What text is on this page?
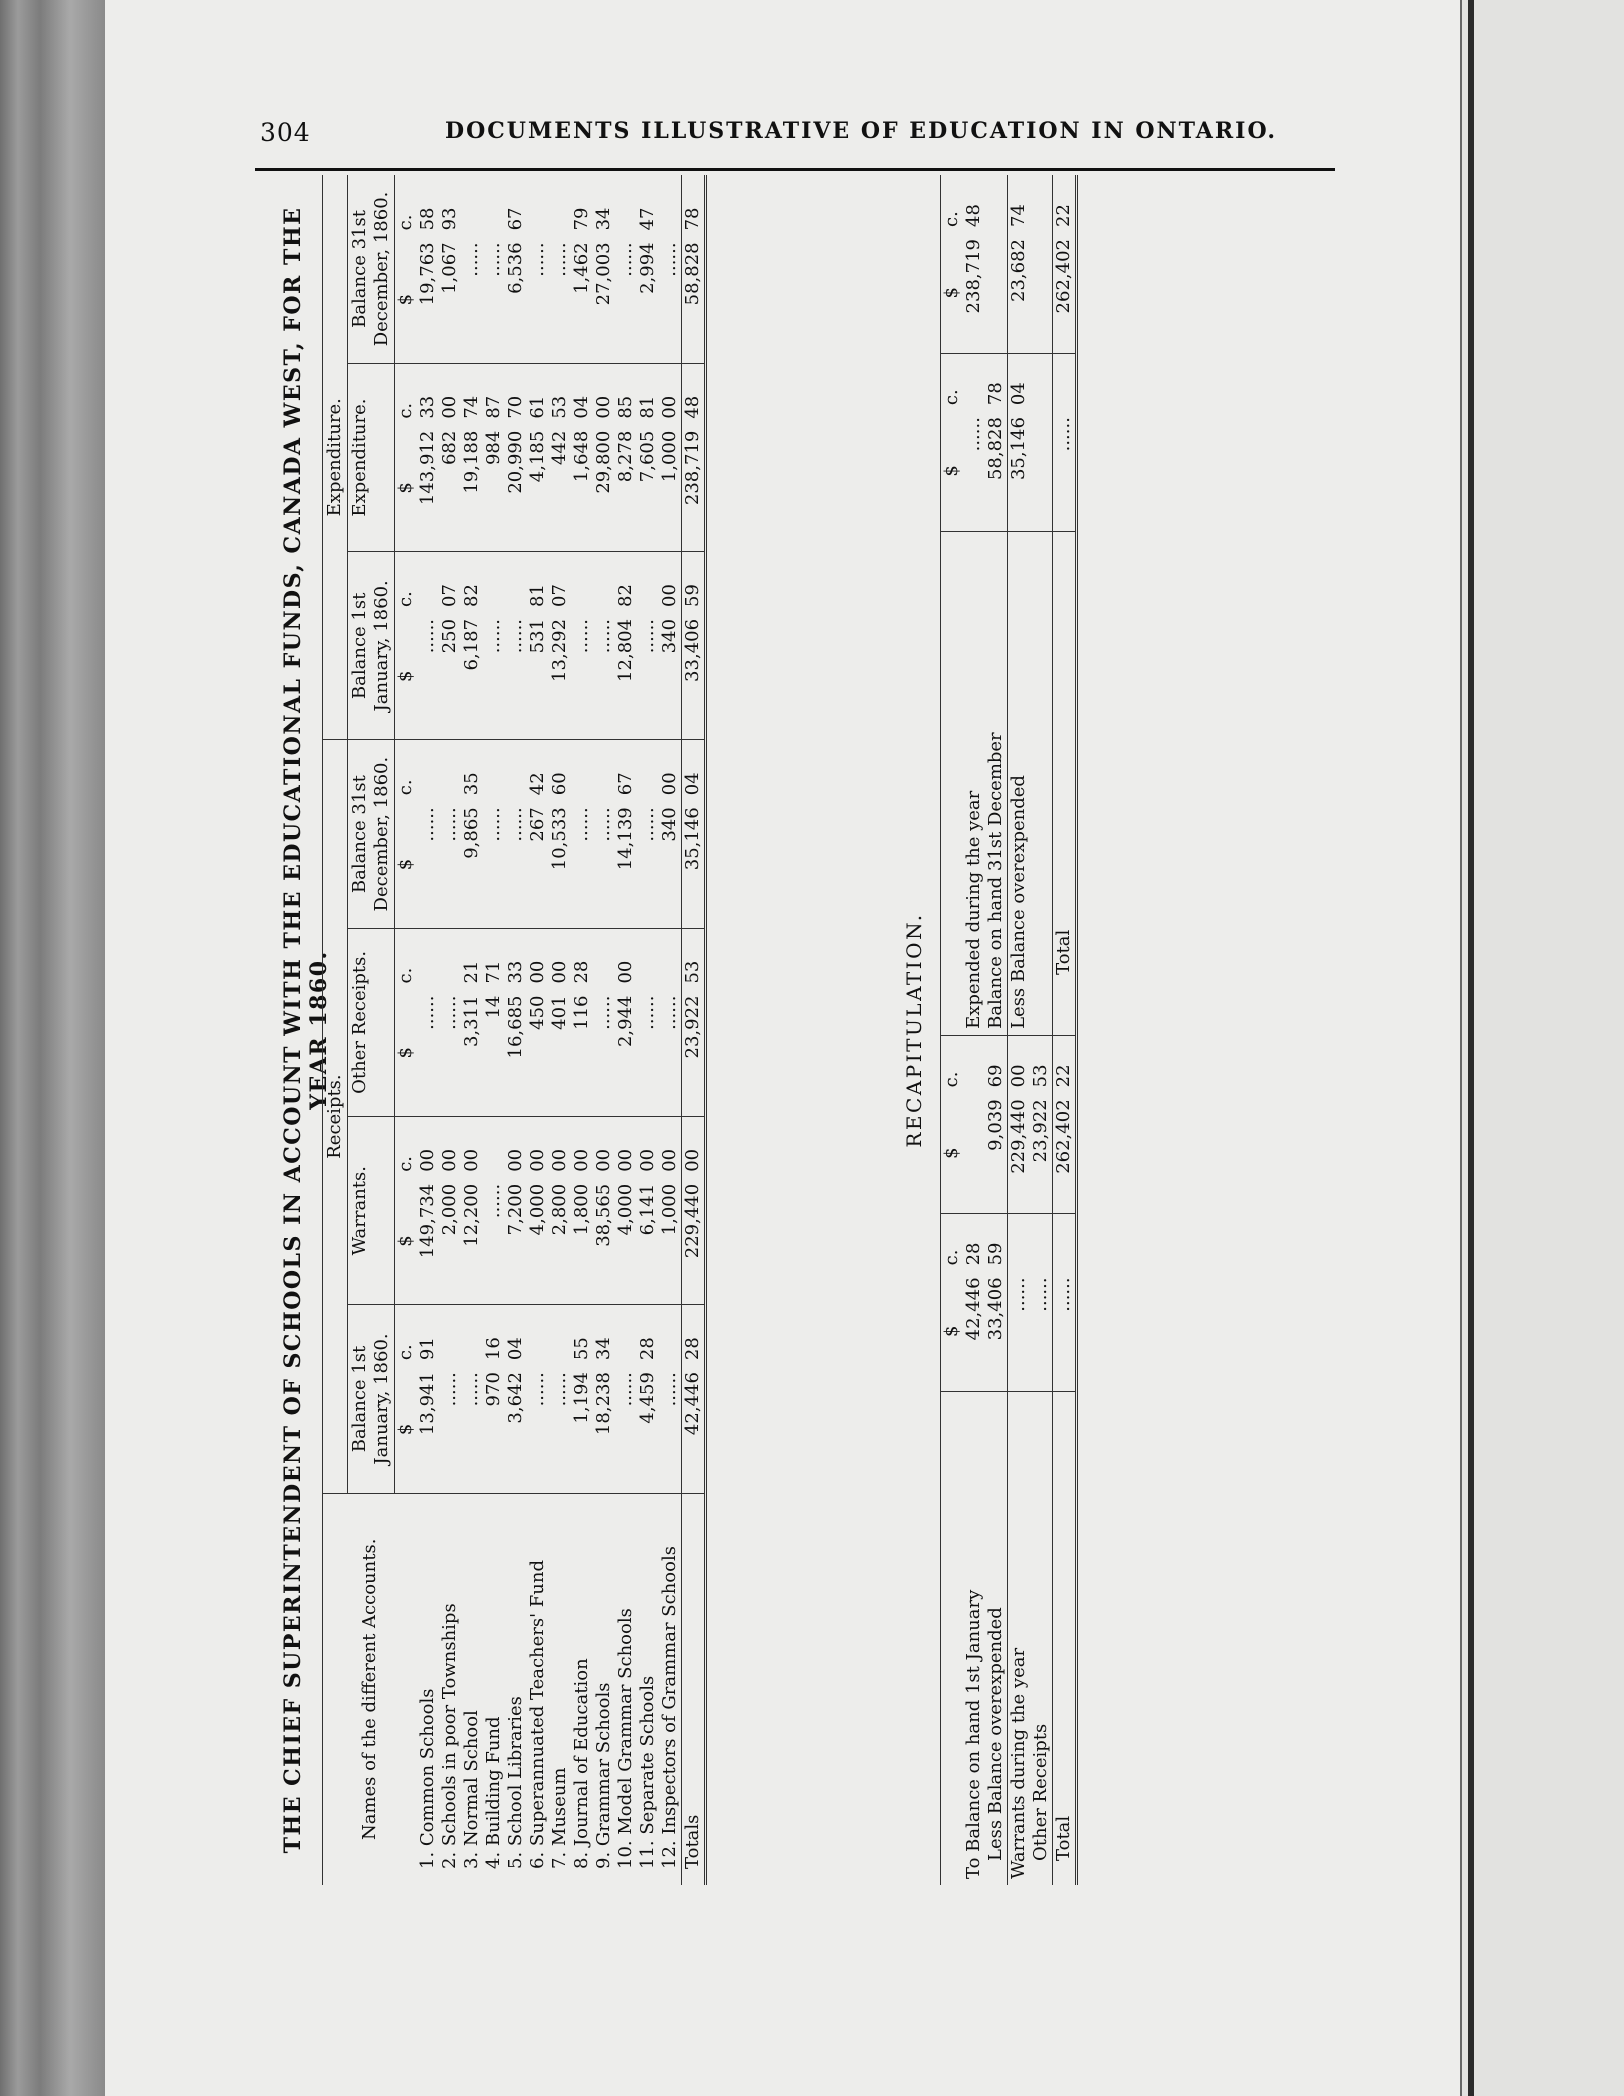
304	DOCUMENTS ILLUSTRATIVE OF EDUCATION IN ONTARIO.
THE CHIEF SUPERINTENDENT OF SCHOOLS IN ACCOUNT WITH THE EDUCATIONAL FUNDS, CANADA WEST, FOR THE YEAR 1860.
Names of the different Accounts.	Receipts.								Expenditure.					
	Balance 1st January, 1860.		Warrants.		Other Receipts.		Balance 31st December, 1860.		Balance 1st January, 1860.		Expenditure.		Balance 31st December, 1860.	
	$	c.	$	c.	$	c.	$	c.	$	c.	$	c.	$	c.
1. Common Schools	13,941	91	149,734	00	......		......		......		143,912	33	19,763	58
2. Schools in poor Townships	......		2,000	00	......		......		250	07	682	00	1,067	93
3. Normal School	......		12,200	00	3,311	21	9,865	35	6,187	82	19,188	74	......	
4. Building Fund	970	16	......		14	71	......		......		984	87	......	
5. School Libraries	3,642	04	7,200	00	16,685	33	......		......		20,990	70	6,536	67
6. Superannuated Teachers' Fund	......		4,000	00	450	00	267	42	531	81	4,185	61	......	
7. Museum	......		2,800	00	401	00	10,533	60	13,292	07	442	53	......	
8. Journal of Education	1,194	55	1,800	00	116	28	......		......		1,648	04	1,462	79
9. Grammar Schools	18,238	34	38,565	00	......		......		......		29,800	00	27,003	34
10. Model Grammar Schools	......		4,000	00	2,944	00	14,139	67	12,804	82	8,278	85	......	
11. Separate Schools	4,459	28	6,141	00	......		......		......		7,605	81	2,994	47
12. Inspectors of Grammar Schools	......		1,000	00	......		340	00	340	00	1,000	00	......	
Totals	42,446	28	229,440	00	23,922	53	35,146	04	33,406	59	238,719	48	58,828	78
RECAPITULATION.
	$	c.	$	c.		$	c.	$	c.
To Balance on hand 1st January	42,446	28			Expended during the year	......		238,719	48
Less Balance overexpended	33,406	59	9,039	69	Balance on hand 31st December	58,828	78		
Warrants during the year	......		229,440	00	Less Balance overexpended	35,146	04	23,682	74
Other Receipts	......		23,922	53					
Total	......		262,402	22	Total	......		262,402	22
